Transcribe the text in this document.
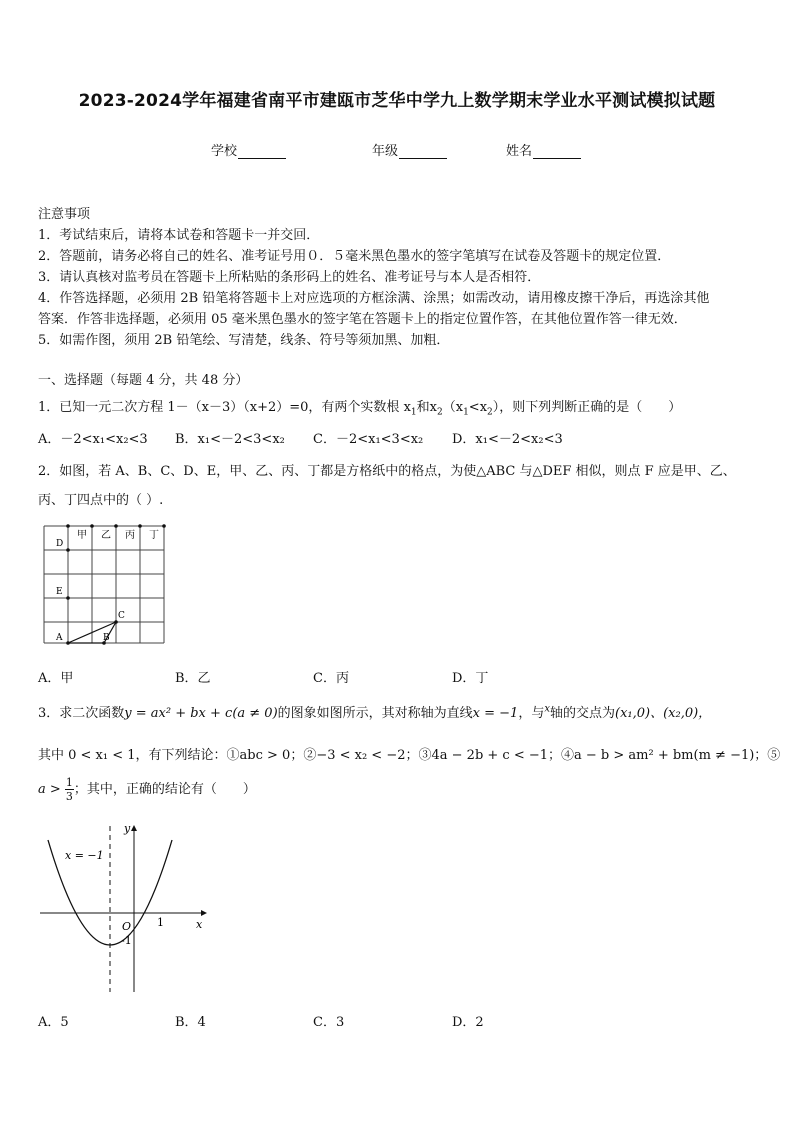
2023-2024学年福建省南平市建瓯市芝华中学九上数学期末学业水平测试模拟试题
学校	年级	姓名
注意事项
1．考试结束后，请将本试卷和答题卡一并交回．
2．答题前，请务必将自己的姓名、准考证号用０．５毫米黑色墨水的签字笔填写在试卷及答题卡的规定位置．
3．请认真核对监考员在答题卡上所粘贴的条形码上的姓名、准考证号与本人是否相符．
4．作答选择题，必须用 2B 铅笔将答题卡上对应选项的方框涂满、涂黑；如需改动，请用橡皮擦干净后，再选涂其他
答案．作答非选择题，必须用 05 毫米黑色墨水的签字笔在答题卡上的指定位置作答，在其他位置作答一律无效．
5．如需作图，须用 2B 铅笔绘、写清楚，线条、符号等须加黑、加粗．
一、选择题（每题 4 分，共 48 分）
1．已知一元二次方程 1－（x－3）（x+2）=0，有两个实数根 $x_1$和$x_2(x_1<x_2)$，则下列判断正确的是（　　）
A．－2<x₁<x₂<3 B．x₁<－2<3<x₂ C．－2<x₁<3<x₂ D．x₁<－2<x₂<3
2．如图，若 A、B、C、D、E，甲、乙、丙、丁都是方格纸中的格点，为使△ABC 与△DEF 相似，则点 F 应是甲、乙、
丙、丁四点中的（ ）.
甲 乙 丙 丁
D
E
A	B
C
A．甲	B．乙	C．丙	D．丁
3．求二次函数y = ax² + bx + c(a ≠ 0)的图象如图所示，其对称轴为直线x = −1，与$^x$轴的交点为(x₁,0)、(x₂,0)，
其中 0 < x₁ < 1，有下列结论：①abc > 0；②−3 < x₂ < −2；③4a − 2b + c < −1；④a − b > am² + bm(m ≠ −1)；⑤
$a > \frac{1}{3}$ ；其中，正确的结论有（　　）
y
x
O
x = −1
1
-1
A．5	B．4	C．3	D．2
